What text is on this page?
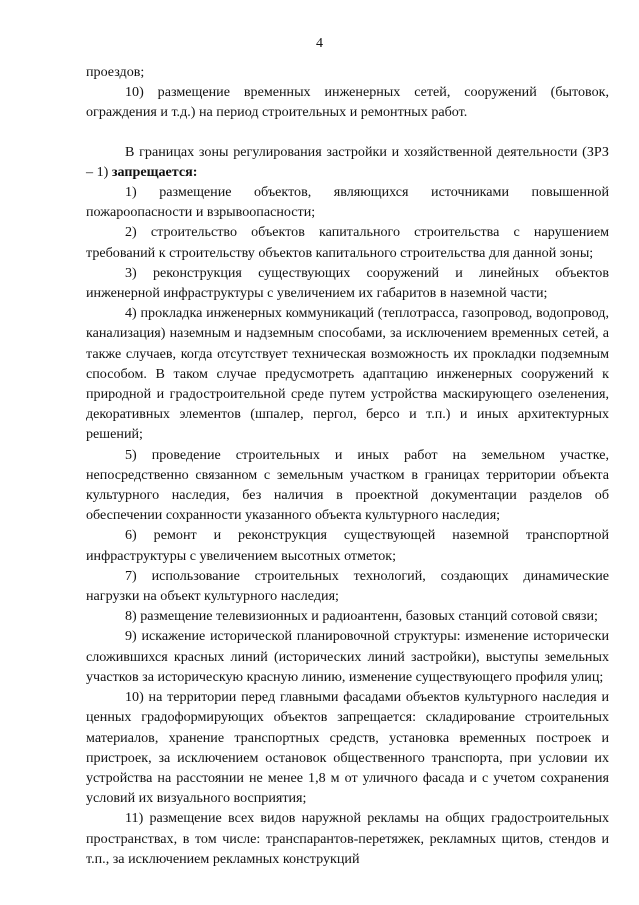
4

проездов;

10) размещение временных инженерных сетей, сооружений (бытовок, ограждения и т.д.) на период строительных и ремонтных работ.

В границах зоны регулирования застройки и хозяйственной деятельности (ЗРЗ – 1) запрещается:

1) размещение объектов, являющихся источниками повышенной пожароопасности и взрывоопасности;

2) строительство объектов капитального строительства с нарушением требований к строительству объектов капитального строительства для данной зоны;

3) реконструкция существующих сооружений и линейных объектов инженерной инфраструктуры с увеличением их габаритов в наземной части;

4) прокладка инженерных коммуникаций (теплотрасса, газопровод, водопровод, канализация) наземным и надземным способами, за исключением временных сетей, а также случаев, когда отсутствует техническая возможность их прокладки подземным способом. В таком случае предусмотреть адаптацию инженерных сооружений к природной и градостроительной среде путем устройства маскирующего озеленения, декоративных элементов (шпалер, пергол, берсо и т.п.) и иных архитектурных решений;

5) проведение строительных и иных работ на земельном участке, непосредственно связанном с земельным участком в границах территории объекта культурного наследия, без наличия в проектной документации разделов об обеспечении сохранности указанного объекта культурного наследия;

6) ремонт и реконструкция существующей наземной транспортной инфраструктуры с увеличением высотных отметок;

7) использование строительных технологий, создающих динамические нагрузки на объект культурного наследия;

8) размещение телевизионных и радиоантенн, базовых станций сотовой связи;

9) искажение исторической планировочной структуры: изменение исторически сложившихся красных линий (исторических линий застройки), выступы земельных участков за историческую красную линию, изменение существующего профиля улиц;

10) на территории перед главными фасадами объектов культурного наследия и ценных градоформирующих объектов запрещается: складирование строительных материалов, хранение транспортных средств, установка временных построек и пристроек, за исключением остановок общественного транспорта, при условии их устройства на расстоянии не менее 1,8 м от уличного фасада и с учетом сохранения условий их визуального восприятия;

11) размещение всех видов наружной рекламы на общих градостроительных пространствах, в том числе: транспарантов-перетяжек, рекламных щитов, стендов и т.п., за исключением рекламных конструкций
